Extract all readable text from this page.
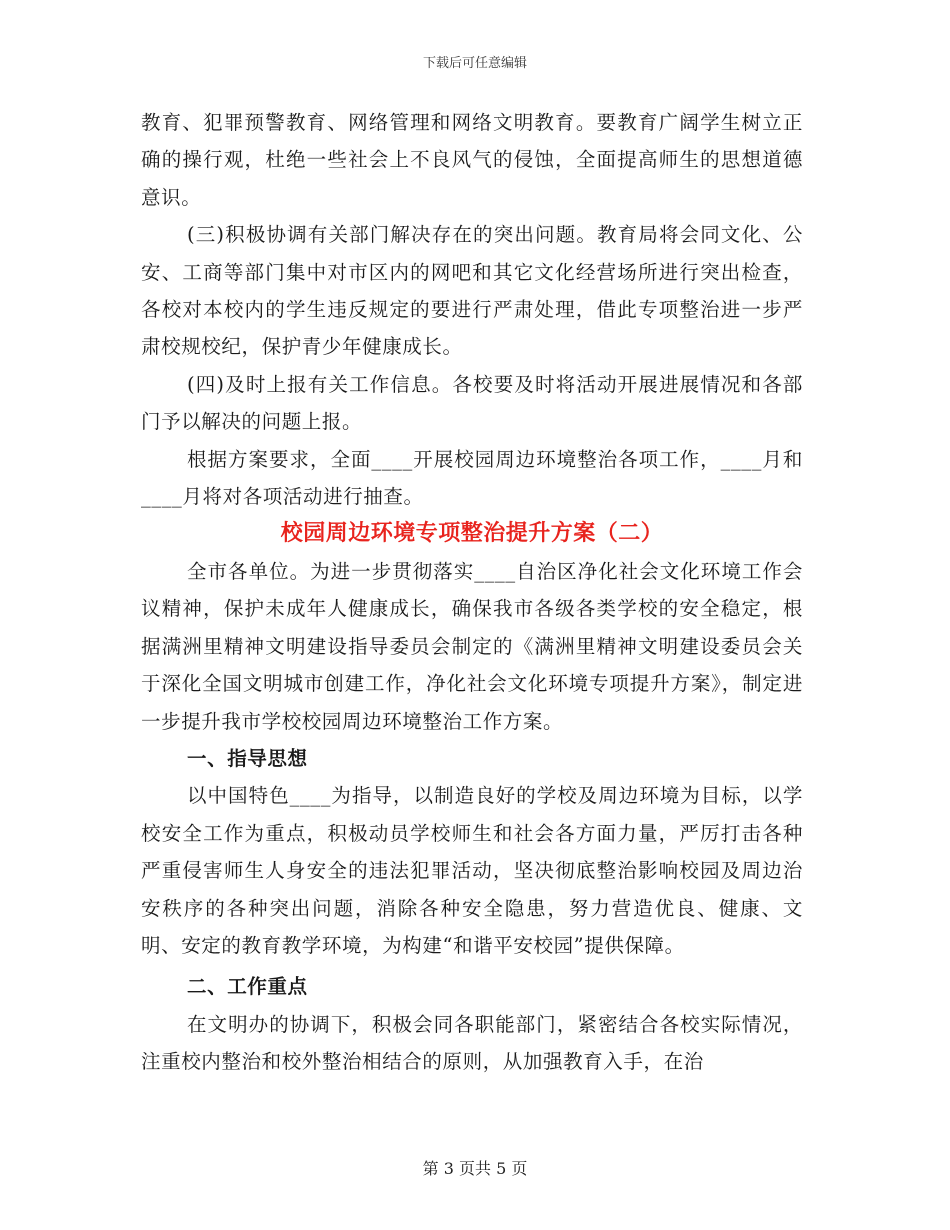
下载后可任意编辑

教育、犯罪预警教育、网络管理和网络文明教育。要教育广阔学生树立正确的操行观，杜绝一些社会上不良风气的侵蚀，全面提高师生的思想道德意识。

(三)积极协调有关部门解决存在的突出问题。教育局将会同文化、公安、工商等部门集中对市区内的网吧和其它文化经营场所进行突出检查，各校对本校内的学生违反规定的要进行严肃处理，借此专项整治进一步严肃校规校纪，保护青少年健康成长。

(四)及时上报有关工作信息。各校要及时将活动开展进展情况和各部门予以解决的问题上报。

根据方案要求，全面____开展校园周边环境整治各项工作，____月和____月将对各项活动进行抽查。

校园周边环境专项整治提升方案（二）

全市各单位。为进一步贯彻落实____自治区净化社会文化环境工作会议精神，保护未成年人健康成长，确保我市各级各类学校的安全稳定，根据满洲里精神文明建设指导委员会制定的《满洲里精神文明建设委员会关于深化全国文明城市创建工作，净化社会文化环境专项提升方案》，制定进一步提升我市学校校园周边环境整治工作方案。

一、指导思想

以中国特色____为指导，以制造良好的学校及周边环境为目标，以学校安全工作为重点，积极动员学校师生和社会各方面力量，严厉打击各种严重侵害师生人身安全的违法犯罪活动，坚决彻底整治影响校园及周边治安秩序的各种突出问题，消除各种安全隐患，努力营造优良、健康、文明、安定的教育教学环境，为构建“和谐平安校园”提供保障。

二、工作重点

在文明办的协调下，积极会同各职能部门，紧密结合各校实际情况，注重校内整治和校外整治相结合的原则，从加强教育入手，在治

第 3 页共 5 页
